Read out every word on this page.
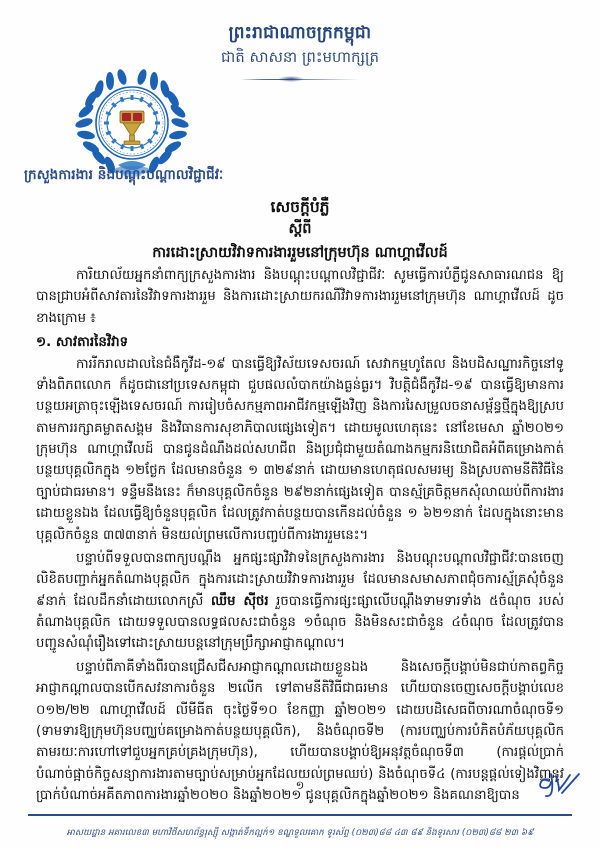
ព្រះរាជាណាចក្រកម្ពុជា
ជាតិ សាសនា ព្រះមហាក្សត្រ
ក្រសួងការងារ និងបណ្តុះបណ្តាលវិជ្ជាជីវៈ
សេចក្តីបំភ្លឺ
ស្តីពី
ការដោះស្រាយវិវាទការងាររួមនៅក្រុមហ៊ុន ណាហ្គាវើលដ៍

ការិយាល័យអ្នកនាំពាក្យក្រសួងការងារ និងបណ្តុះបណ្តាលវិជ្ជាជីវៈ សូមធ្វើការបំភ្លឺជូនសាធារណជន ឱ្យបានជ្រាបអំពីសាវតារនៃវិវាទការងាររួម និងការដោះស្រាយករណីវិវាទការងាររួមនៅក្រុមហ៊ុន ណាហ្គាវើលដ៍ ដូចខាងក្រោម ៖

១. សាវតារនៃវិវាទ

ការរីករាលដាលនៃជំងឺកូវីដ-១៩ បានធ្វើឱ្យវិស័យទេសចរណ៍ សេវាកម្មហូតែល និងបដិសណ្ឋារកិច្ចនៅទូទាំងពិភពលោក ក៏ដូចជានៅប្រទេសកម្ពុជា ជួបផលលំបាកយ៉ាងធ្ងន់ធ្ងរ។ វិបត្តិជំងឺកូវីដ-១៩ បានធ្វើឱ្យមានការបន្ថយអត្រាចុះឡើងទេសចរណ៍ ការរៀបចំសកម្មភាពអាជីវកម្មឡើងវិញ និងការរៃសម្រួលចនាសម្ព័ន្ធថ្មីក្នុងឱ្យស្របតាមការរក្សាគម្លាតសង្គម និងវិធានការសុខាភិបាលផ្សេងទៀត។ ដោយមូលហេតុនេះ នៅខែមេសា ឆ្នាំ២០២១ ក្រុមហ៊ុន ណាហ្គាវើលដ៍ បានជូនដំណឹងដល់សហជីព និងប្រជុំជាមួយតំណាងកម្មករនិយោជិតអំពីគម្រោងកាត់បន្ថយបុគ្គលិកក្នុង ១២ថ្ងែក ដែលមានចំនួន ១ ៣២៩នាក់ ដោយមានហេតុផលសមរម្យ និងស្របតាមនីតិវិធីនៃច្បាប់ជាធរមាន។ ទន្ទឹមនឹងនេះ ក៏មានបុគ្គលិកចំនួន ២៩២នាក់ផ្សេងទៀត បានស្ម័គ្រចិត្តមកសុំលាឈប់ពីការងារដោយខ្លួនឯង ដែលធ្វើឱ្យចំនួនបុគ្គលិក ដែលត្រូវកាត់បន្ថយបានកើនដល់ចំនួន ១ ៦២១នាក់ ដែលក្នុងនោះមានបុគ្គលិកចំនួន ៣៧៣នាក់ មិនយល់ព្រមលើការបញ្ចប់ពីការងាររួមនេះ។

បន្ទាប់ពីទទួលបានពាក្យបណ្តឹង អ្នកផ្សះផ្សាវិវាទនៃក្រសួងការងារ និងបណ្តុះបណ្តាលវិជ្ជាជីវៈបានចេញលិខិតបញ្ជាក់អ្នកតំណាងបុគ្គលិក ក្នុងការដោះស្រាយវិវាទការងាររួម ដែលមានសមាសភាពជុំចការស្ម័គ្រសុំចំនួន ៩នាក់ ដែលដឹកនាំដោយលោកស្រី ឈឹម ស៊ីថរ រួចបានធ្វើការផ្សះផ្សាលើបណ្តឹងទាមទារទាំង ៥ចំណុច របស់តំណាងបុគ្គលិក ដោយទទួលបានលទ្ធផលសះជាចំនួន ១ចំណុច និងមិនសះជាចំនួន ៤ចំណុច ដែលត្រូវបានបញ្ជូនសំណុំរឿងទៅដោះស្រាយបន្តនៅក្រុមប្រឹក្សាអាជ្ញាកណ្តាល។

បន្ទាប់ពីភាគីទាំងពីរបានជ្រើសជីសអាជ្ញាកណ្តាលដោយខ្លួនឯង និងសេចក្តីបង្គាប់មិនជាប់កាតព្វកិច្ច អាជ្ញាកណ្តាលបានបើកសវនាការចំនួន ២លើក ទៅតាមនីតិវិធីជាធរមាន ហើយបានចេញសេចក្តីបង្គាប់លេខ ០១២/២២ ណាហ្គាវើលដ៍ លីមីធីត ចុះថ្ងៃទី១០ ខែកញ្ញា ឆ្នាំ២០២១ ដោយបដិសេធពីចារណាចំណុចទី១ (ទាមទារឱ្យក្រុមហ៊ុនបញ្ឈប់គម្រោងកាត់បន្ថយបុគ្គលិក), និងចំណុចទី២ (ការបញ្ឈប់ការបំភិតបំភ័យបុគ្គលិក តាមរយៈការហៅទៅជួបអ្នកគ្រប់គ្រងក្រុមហ៊ុន), ហើយបានបង្គាប់ឱ្យអនុវត្តចំណុចទី៣ (ការផ្តល់ប្រាក់បំណាច់ផ្អាច់កិច្ចសន្យាការងារតាមច្បាប់សម្រាប់អ្នកដែលយល់ព្រមឈប់) និងចំណុចទី៤ (ការបន្តផ្តល់ទៀងវិញ្ញនូវប្រាក់បំណាច់អគីតភាពការងារឆ្នាំ២០២០ និងឆ្នាំ២០២១ ជូនបុគ្គលិកក្នុងឆ្នាំ២០២១ និងគណនាឱ្យបាន

១
អាសយដ្ឋាន អគារលេខ៣ មហាវិថីសហព័ន្ធរុស្ស៊ី សង្កាត់ទឹកល្អក់១ ខណ្ឌទួលគោក ទូរស័ព្ទ (០២៣)៨៨ ៤៣ ៨៩ និងទូរសារ (០២៣)៨៨ ២៣ ៦៩
